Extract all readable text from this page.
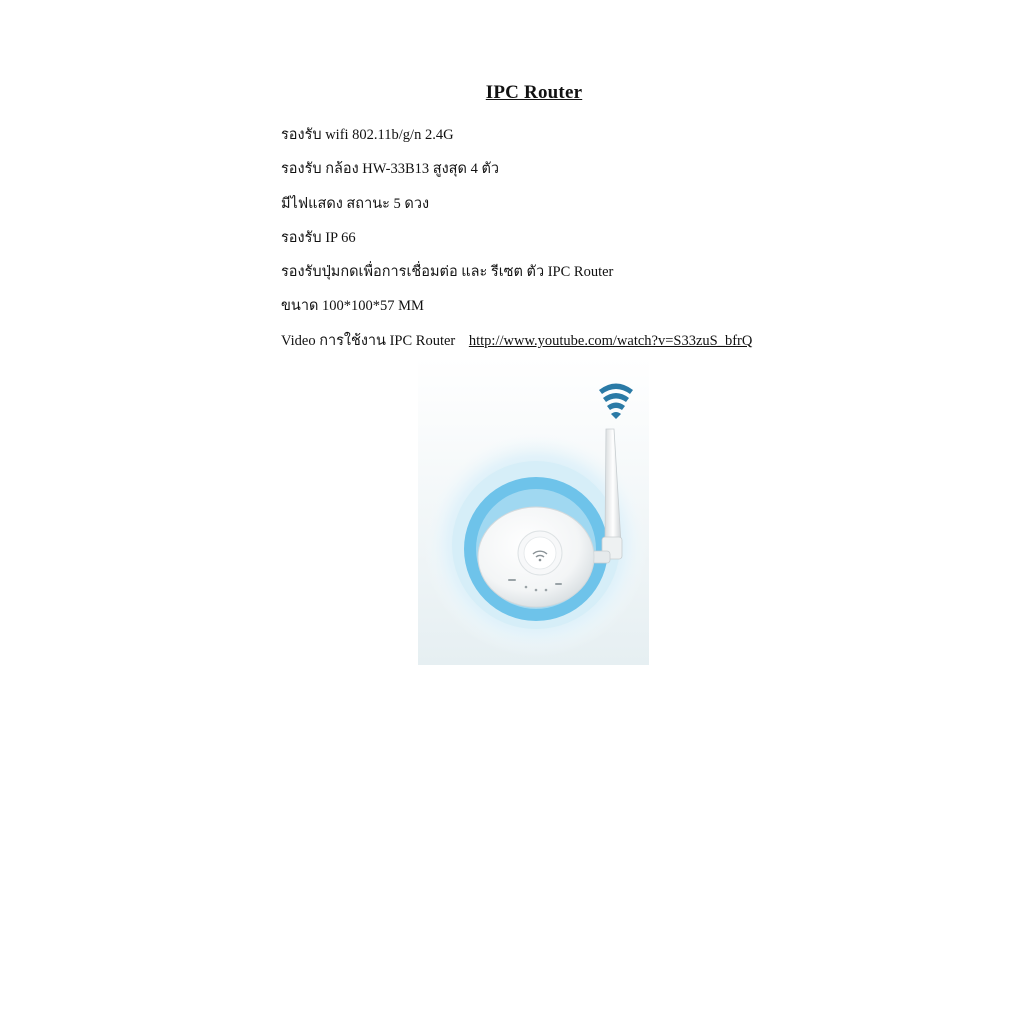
IPC Router
รองรับ wifi 802.11b/g/n 2.4G
รองรับ กล้อง HW-33B13 สูงสุด 4 ตัว
มีไฟแสดง สถานะ 5 ดวง
รองรับ IP 66
รองรับปุ่มกดเพื่อการเชื่อมต่อ และ รีเซต ตัว IPC Router
ขนาด 100*100*57 MM
Video การใช้งาน IPC Router http://www.youtube.com/watch?v=S33zuS_bfrQ
